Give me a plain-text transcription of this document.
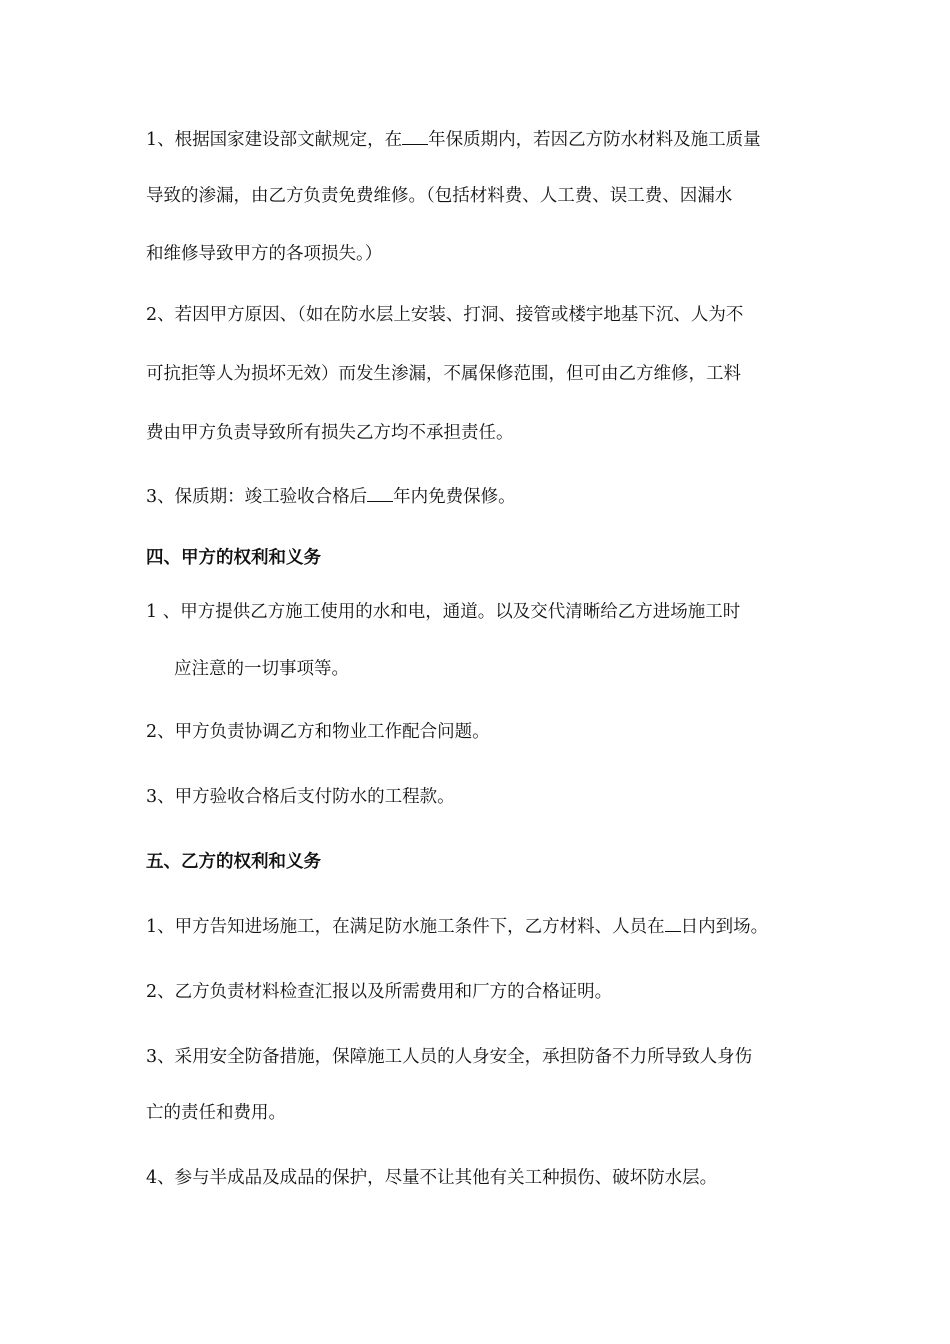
1、根据国家建设部文献规定，在 年保质期内，若因乙方防水材料及施工质量
导致的渗漏，由乙方负责免费维修。（包括材料费、人工费、误工费、因漏水
和维修导致甲方的各项损失。）
2、若因甲方原因、（如在防水层上安装、打洞、接管或楼宇地基下沉、人为不
可抗拒等人为损坏无效）而发生渗漏，不属保修范围，但可由乙方维修，工料
费由甲方负责导致所有损失乙方均不承担责任。
3、保质期：竣工验收合格后 年内免费保修。
四、甲方的权利和义务
1 、甲方提供乙方施工使用的水和电，通道。以及交代清晰给乙方进场施工时
应注意的一切事项等。
2、甲方负责协调乙方和物业工作配合问题。
3、甲方验收合格后支付防水的工程款。
五、乙方的权利和义务
1、甲方告知进场施工，在满足防水施工条件下，乙方材料、人员在 日内到场。
2、乙方负责材料检查汇报以及所需费用和厂方的合格证明。
3、采用安全防备措施，保障施工人员的人身安全，承担防备不力所导致人身伤
亡的责任和费用。
4、参与半成品及成品的保护，尽量不让其他有关工种损伤、破坏防水层。
